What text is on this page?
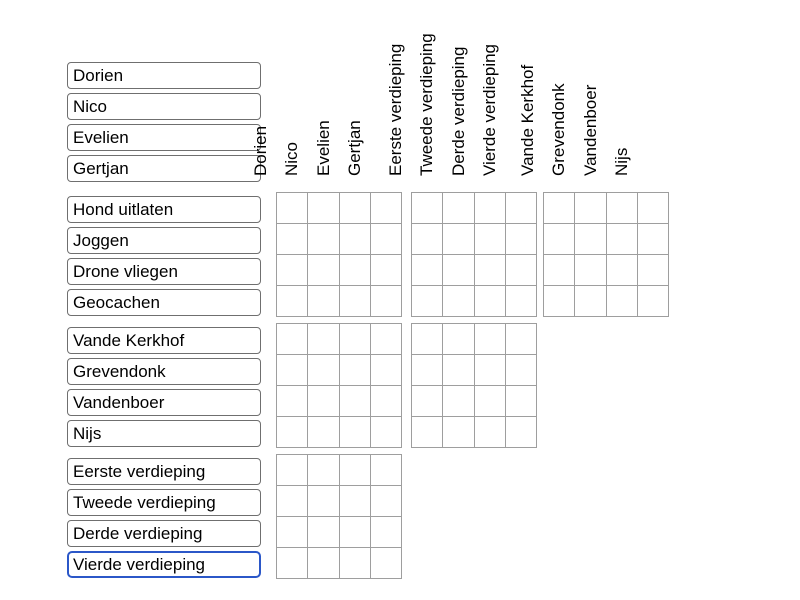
Dorien
Nico
Evelien
Gertjan
Hond uitlaten
Joggen
Drone vliegen
Geocachen
Vande Kerkhof
Grevendonk
Vandenboer
Nijs
Eerste verdieping
Tweede verdieping
Derde verdieping
Vierde verdieping
Dorien Nico Evelien Gertjan	Eerste verdieping Tweede verdieping Derde verdieping Vierde verdieping	Vande Kerkhof Grevendonk Vandenboer Nijs
